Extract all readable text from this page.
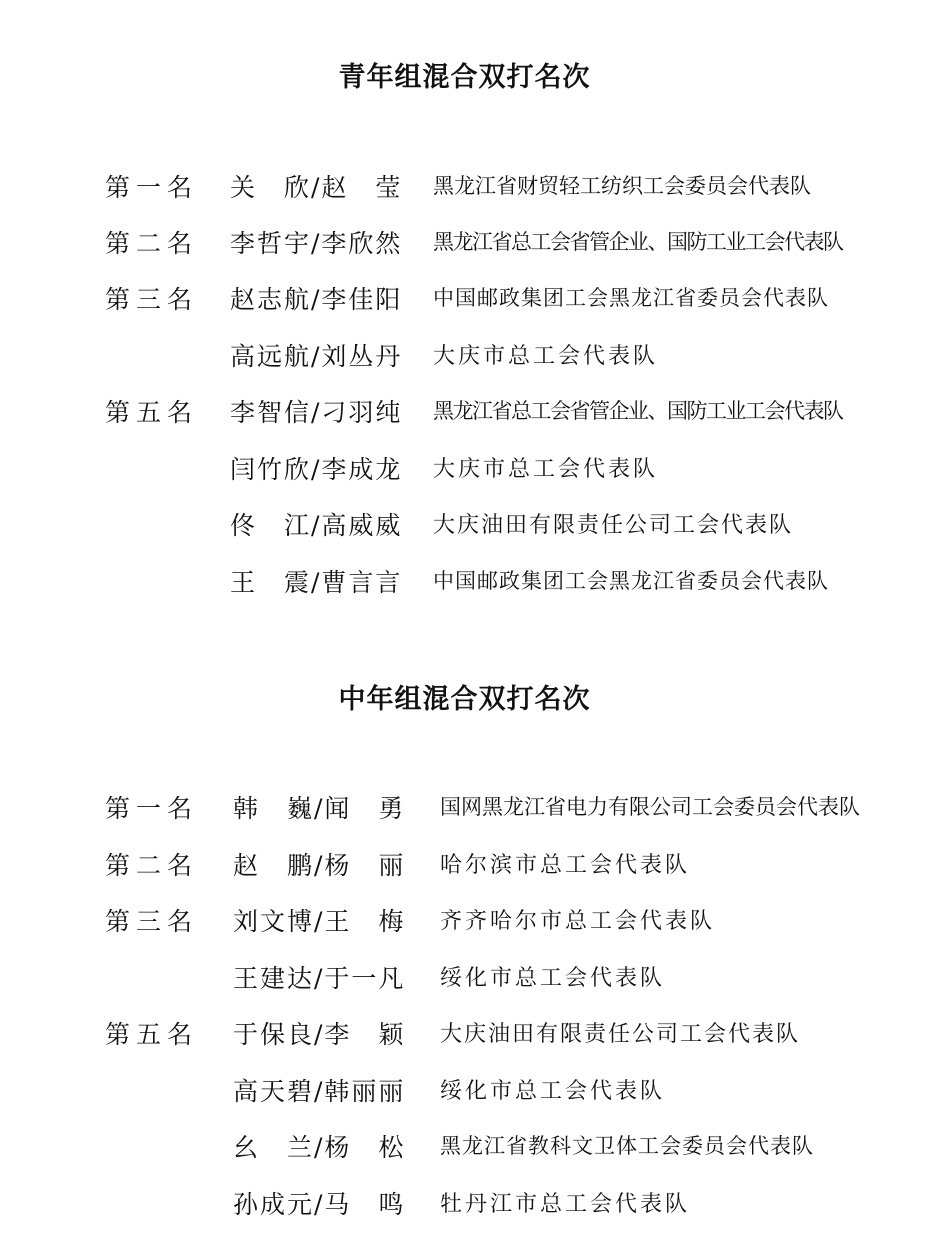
青年组混合双打名次
第一名 关　欣/赵　莹	黑龙江省财贸轻工纺织工会委员会代表队
第二名 李哲宇/李欣然	黑龙江省总工会省管企业、国防工业工会代表队
第三名 赵志航/李佳阳	中国邮政集团工会黑龙江省委员会代表队
高远航/刘丛丹	大庆市总工会代表队
第五名 李智信/刁羽纯	黑龙江省总工会省管企业、国防工业工会代表队
闫竹欣/李成龙	大庆市总工会代表队
佟　江/高威威	大庆油田有限责任公司工会代表队
王　震/曹言言	中国邮政集团工会黑龙江省委员会代表队
中年组混合双打名次
第一名 韩　巍/闻　勇	国网黑龙江省电力有限公司工会委员会代表队
第二名 赵　鹏/杨　丽	哈尔滨市总工会代表队
第三名 刘文博/王　梅	齐齐哈尔市总工会代表队
王建达/于一凡	绥化市总工会代表队
第五名 于保良/李　颖	大庆油田有限责任公司工会代表队
高天碧/韩丽丽	绥化市总工会代表队
幺　兰/杨　松	黑龙江省教科文卫体工会委员会代表队
孙成元/马　鸣	牡丹江市总工会代表队
